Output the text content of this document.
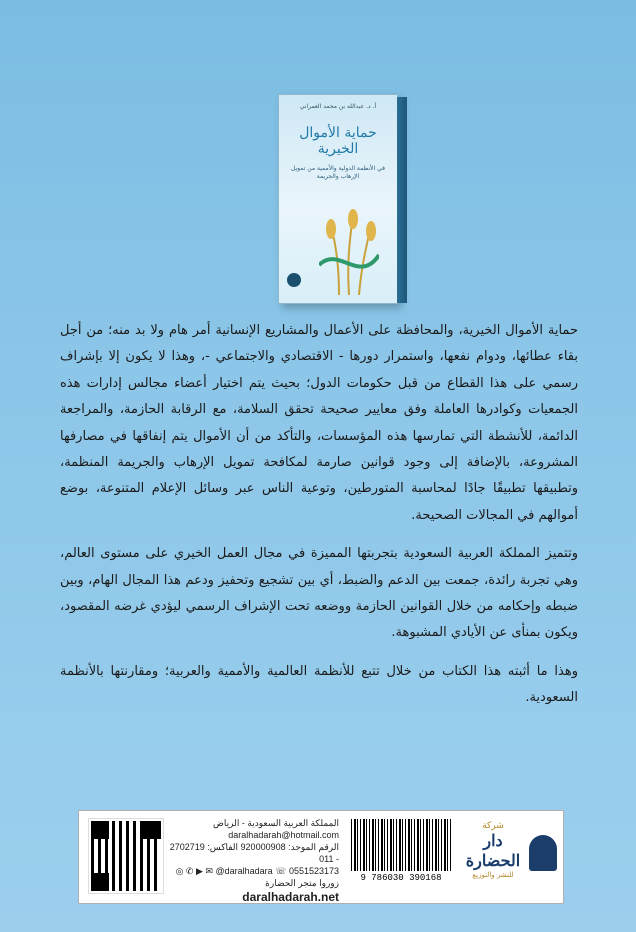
أ. د. عبدالله بن محمد العمراني
حماية الأموال الخيرية
في الأنظمة الدولية والأممية من تمويل الإرهاب والجريمة

حماية الأموال الخيرية، والمحافظة على الأعمال والمشاريع الإنسانية أمر هام ولا بد منه؛ من أجل بقاء عطائها، ودوام نفعها، واستمرار دورها - الاقتصادي والاجتماعي -، وهذا لا يكون إلا بإشراف رسمي على هذا القطاع من قبل حكومات الدول؛ بحيث يتم اختيار أعضاء مجالس إدارات هذه الجمعيات وكوادرها العاملة وفق معايير صحيحة تحقق السلامة، مع الرقابة الحازمة، والمراجعة الدائمة، للأنشطة التي تمارسها هذه المؤسسات، والتأكد من أن الأموال يتم إنفاقها في مصارفها المشروعة، بالإضافة إلى وجود قوانين صارمة لمكافحة تمويل الإرهاب والجريمة المنظمة، وتطبيقها تطبيقًا جادًا لمحاسبة المتورطين، وتوعية الناس عبر وسائل الإعلام المتنوعة، بوضع أموالهم في المجالات الصحيحة.

وتتميز المملكة العربية السعودية بتجربتها المميزة في مجال العمل الخيري على مستوى العالم، وهي تجربة رائدة، جمعت بين الدعم والضبط، أي بين تشجيع وتحفيز ودعم هذا المجال الهام، وبين ضبطه وإحكامه من خلال القوانين الحازمة ووضعه تحت الإشراف الرسمي ليؤدي غرضه المقصود، ويكون بمنأى عن الأيادي المشبوهة.

وهذا ما أثبته هذا الكتاب من خلال تتبع للأنظمة العالمية والأممية والعربية؛ ومقارنتها بالأنظمة السعودية.

المملكة العربية السعودية - الرياض
daralhadarah@hotmail.com
الرقم الموحد: 920000908 الفاكس: 2702719 - 011
◎ ✆ ▶ ✉ @daralhadara ☏ 0551523173
زوروا متجر الحضارة
daralhadarah.net
9 786030 390168
شركة
دار الحضارة
للنشر والتوزيع
